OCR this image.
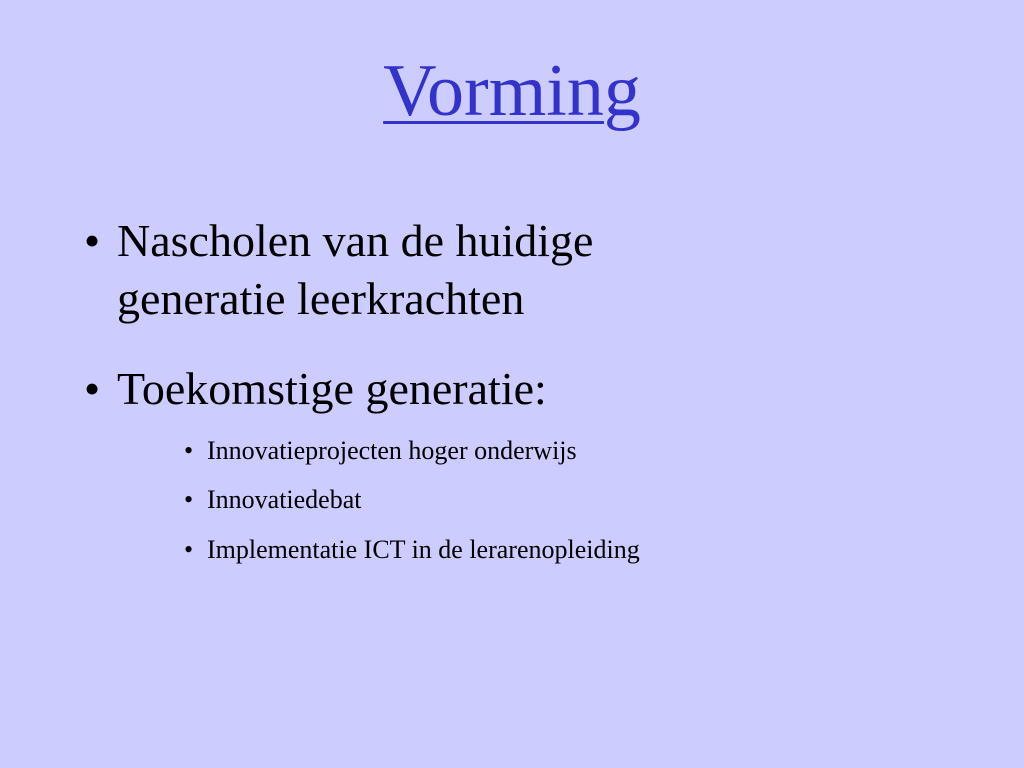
Vorming
• Nascholen van de huidige generatie leerkrachten
• Toekomstige generatie:
• Innovatieprojecten hoger onderwijs
• Innovatiedebat
• Implementatie ICT in de lerarenopleiding
